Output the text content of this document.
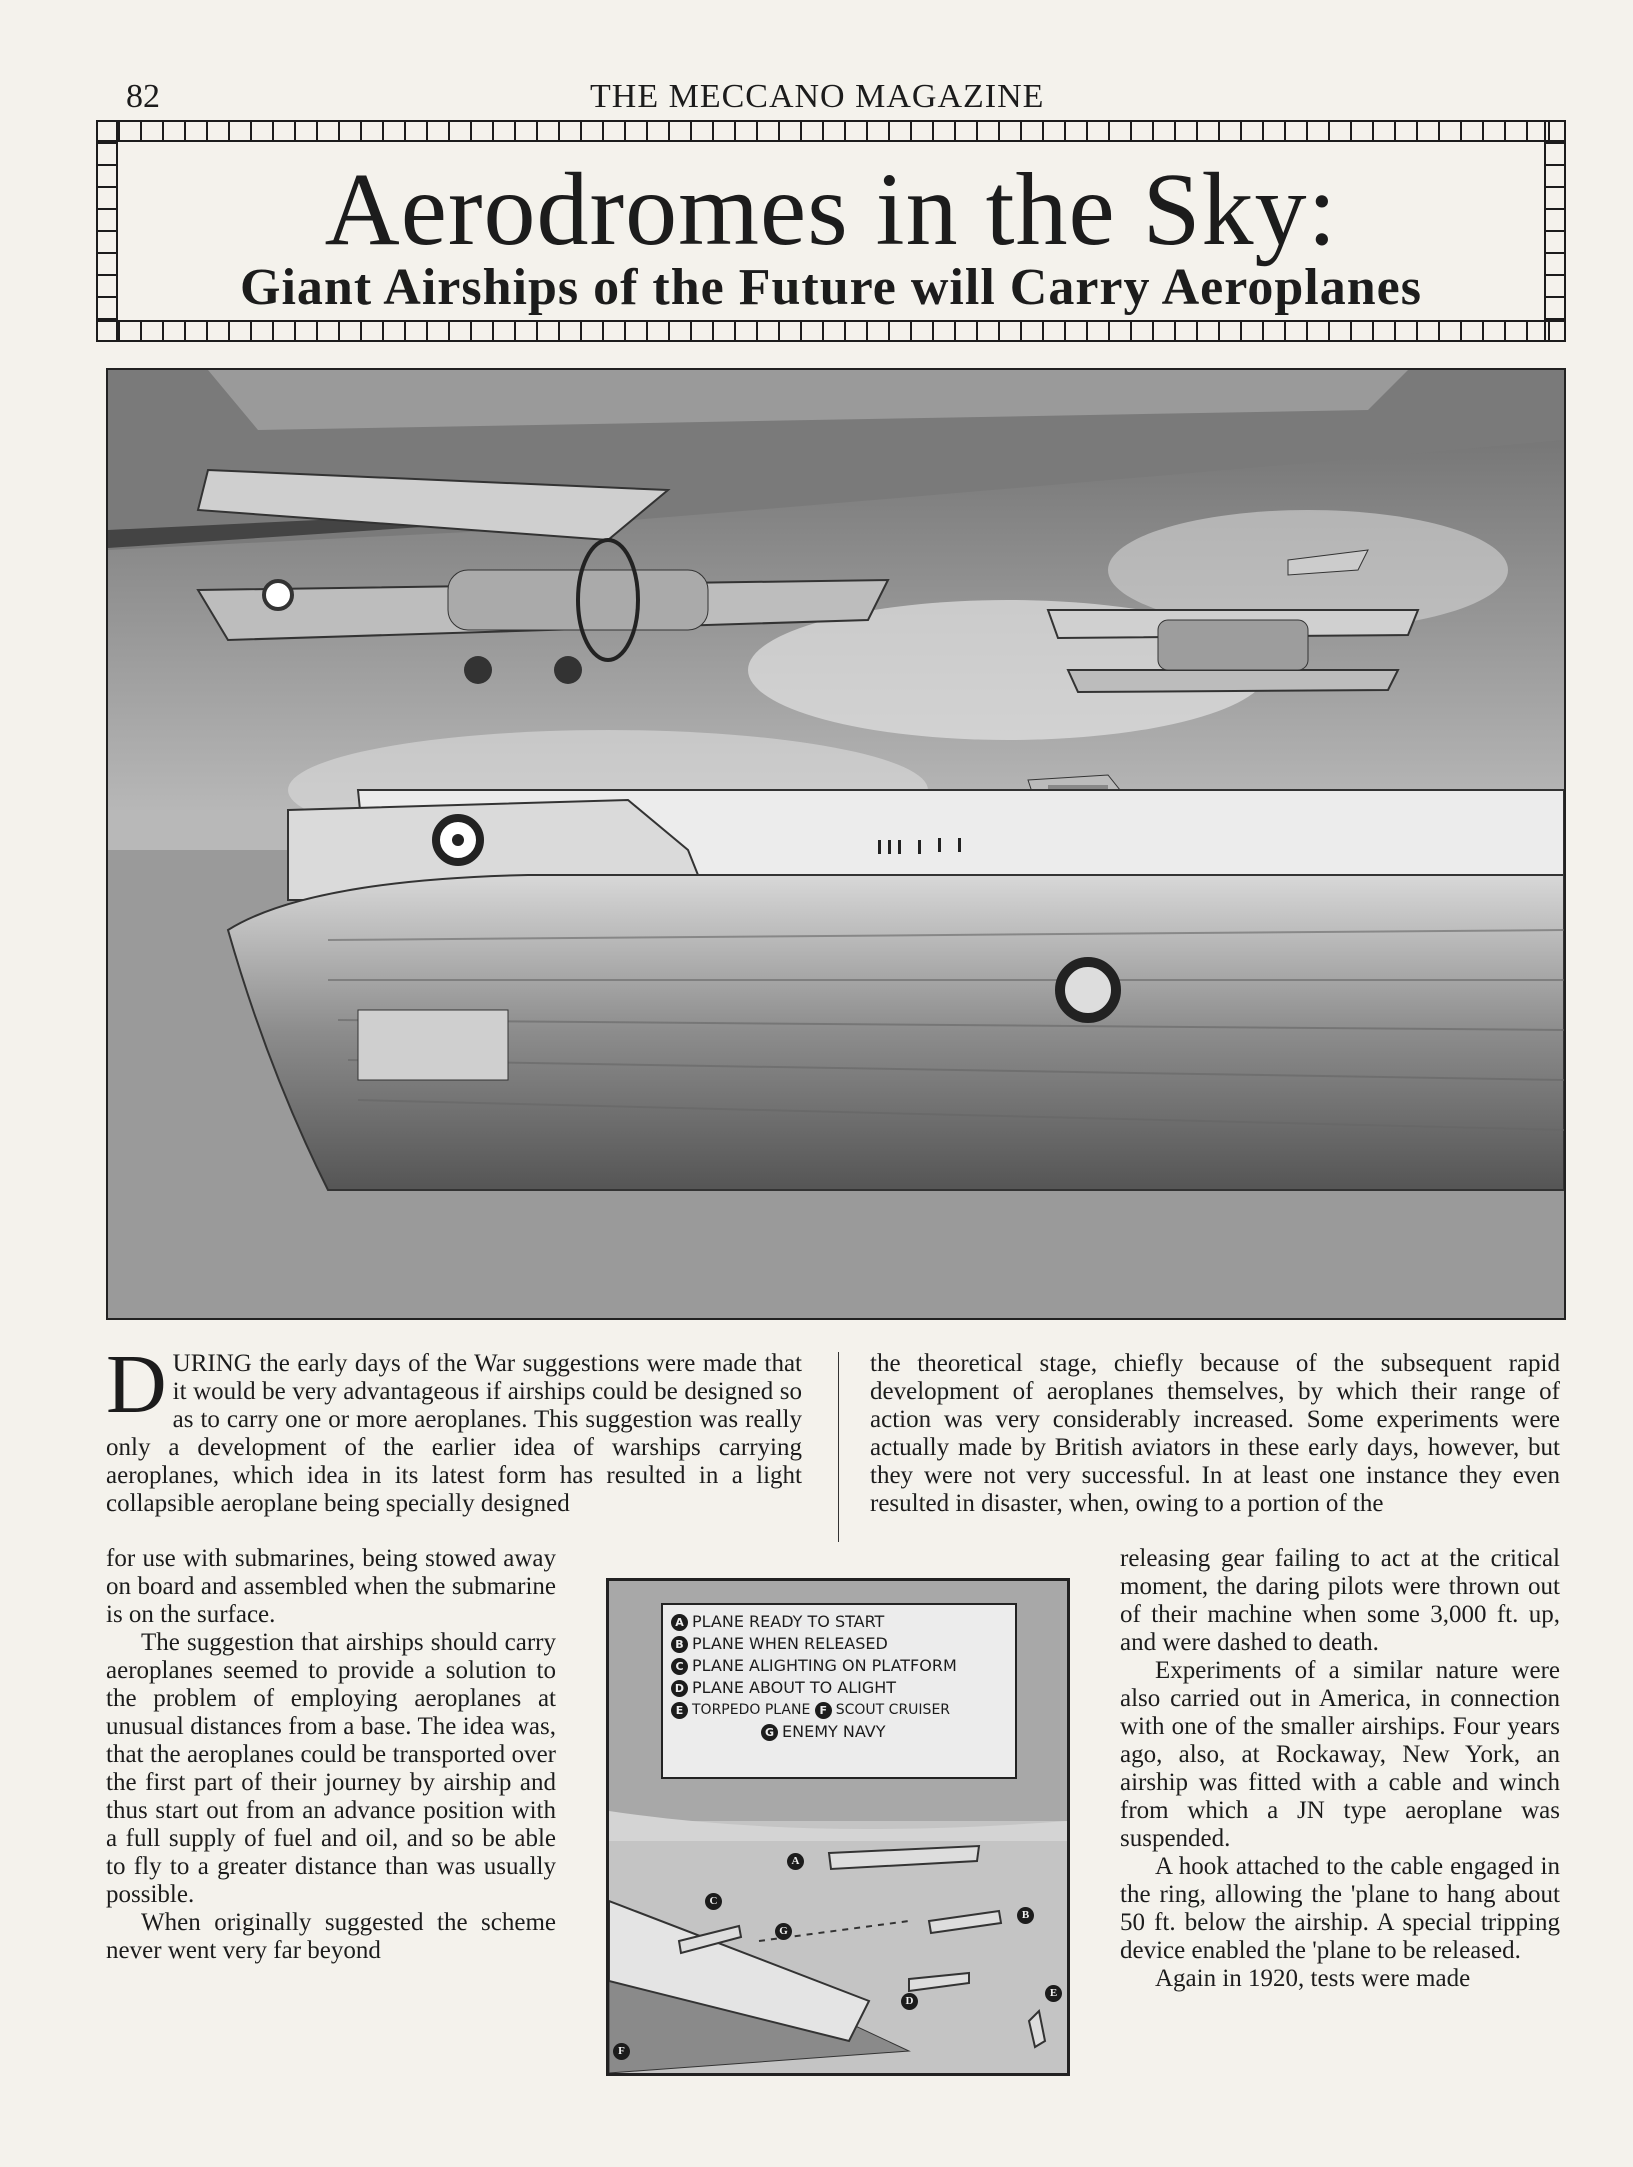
82	THE MECCANO MAGAZINE
Aerodromes in the Sky:
Giant Airships of the Future will Carry Aeroplanes
D URING the early days of the War suggestions were made that it would be very advantageous if airships could be designed so as to carry one or more aeroplanes. This suggestion was really only a development of the earlier idea of warships carrying aeroplanes, which idea in its latest form has resulted in a light collapsible aeroplane being specially designed

for use with submarines, being stowed away on board and assembled when the submarine is on the surface.

The suggestion that airships should carry aeroplanes seemed to provide a solution to the problem of employing aeroplanes at unusual distances from a base. The idea was, that the aeroplanes could be transported over the first part of their journey by airship and thus start out from an advance position with a full supply of fuel and oil, and so be able to fly to a greater distance than was usually possible.

When originally suggested the scheme never went very far beyond

the theoretical stage, chiefly because of the subsequent rapid development of aeroplanes themselves, by which their range of action was very considerably increased. Some experiments were actually made by British aviators in these early days, however, but they were not very successful. In at least one instance they even resulted in disaster, when, owing to a portion of the

releasing gear failing to act at the critical moment, the daring pilots were thrown out of their machine when some 3,000 ft. up, and were dashed to death.

Experiments of a similar nature were also carried out in America, in connection with one of the smaller airships. Four years ago, also, at Rockaway, New York, an airship was fitted with a cable and winch from which a JN type aeroplane was suspended.

A hook attached to the cable engaged in the ring, allowing the 'plane to hang about 50 ft. below the airship. A special tripping device enabled the 'plane to be released.

Again in 1920, tests were made

A PLANE READY TO START
B PLANE WHEN RELEASED
C PLANE ALIGHTING ON PLATFORM
D PLANE ABOUT TO ALIGHT
E TORPEDO PLANE F SCOUT CRUISER
G ENEMY NAVY
A
B
C
D
E
F
G
